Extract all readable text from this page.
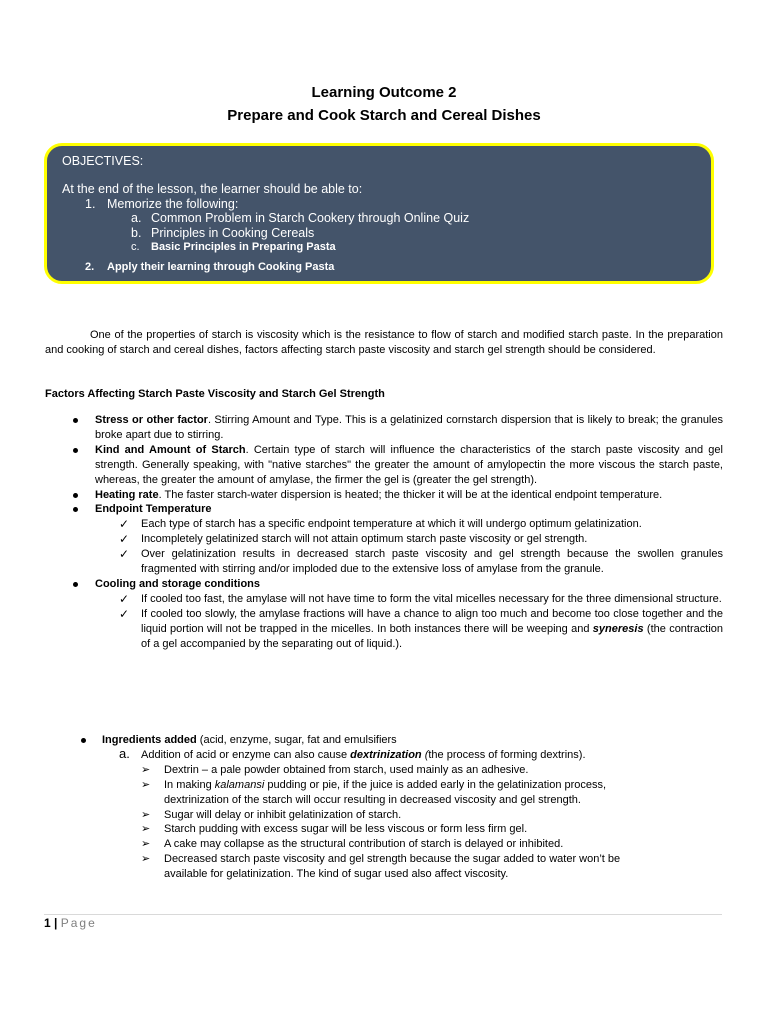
Learning Outcome 2
Prepare and Cook Starch and Cereal Dishes
OBJECTIVES:
At the end of the lesson, the learner should be able to:
1. Memorize the following:
a. Common Problem in Starch Cookery through Online Quiz
b. Principles in Cooking Cereals
c. Basic Principles in Preparing Pasta
2. Apply their learning through Cooking Pasta
One of the properties of starch is viscosity which is the resistance to flow of starch and modified starch paste. In the preparation and cooking of starch and cereal dishes, factors affecting starch paste viscosity and starch gel strength should be considered.
Factors Affecting Starch Paste Viscosity and Starch Gel Strength
Stress or other factor. Stirring Amount and Type. This is a gelatinized cornstarch dispersion that is likely to break; the granules broke apart due to stirring.
Kind and Amount of Starch. Certain type of starch will influence the characteristics of the starch paste viscosity and gel strength. Generally speaking, with "native starches" the greater the amount of amylopectin the more viscous the starch paste, whereas, the greater the amount of amylase, the firmer the gel is (greater the gel strength).
Heating rate. The faster starch-water dispersion is heated; the thicker it will be at the identical endpoint temperature.
Endpoint Temperature
✓ Each type of starch has a specific endpoint temperature at which it will undergo optimum gelatinization.
✓ Incompletely gelatinized starch will not attain optimum starch paste viscosity or gel strength.
✓ Over gelatinization results in decreased starch paste viscosity and gel strength because the swollen granules fragmented with stirring and/or imploded due to the extensive loss of amylase from the granule.
Cooling and storage conditions
✓ If cooled too fast, the amylase will not have time to form the vital micelles necessary for the three dimensional structure.
✓ If cooled too slowly, the amylase fractions will have a chance to align too much and become too close together and the liquid portion will not be trapped in the micelles. In both instances there will be weeping and syneresis (the contraction of a gel accompanied by the separating out of liquid.).
Ingredients added (acid, enzyme, sugar, fat and emulsifiers
a. Addition of acid or enzyme can also cause dextrinization (the process of forming dextrins).
➢ Dextrin – a pale powder obtained from starch, used mainly as an adhesive.
➢ In making kalamansi pudding or pie, if the juice is added early in the gelatinization process, dextrinization of the starch will occur resulting in decreased viscosity and gel strength.
➢ Sugar will delay or inhibit gelatinization of starch.
➢ Starch pudding with excess sugar will be less viscous or form less firm gel.
➢ A cake may collapse as the structural contribution of starch is delayed or inhibited.
➢ Decreased starch paste viscosity and gel strength because the sugar added to water won’t be available for gelatinization. The kind of sugar used also affect viscosity.
1 | Page
